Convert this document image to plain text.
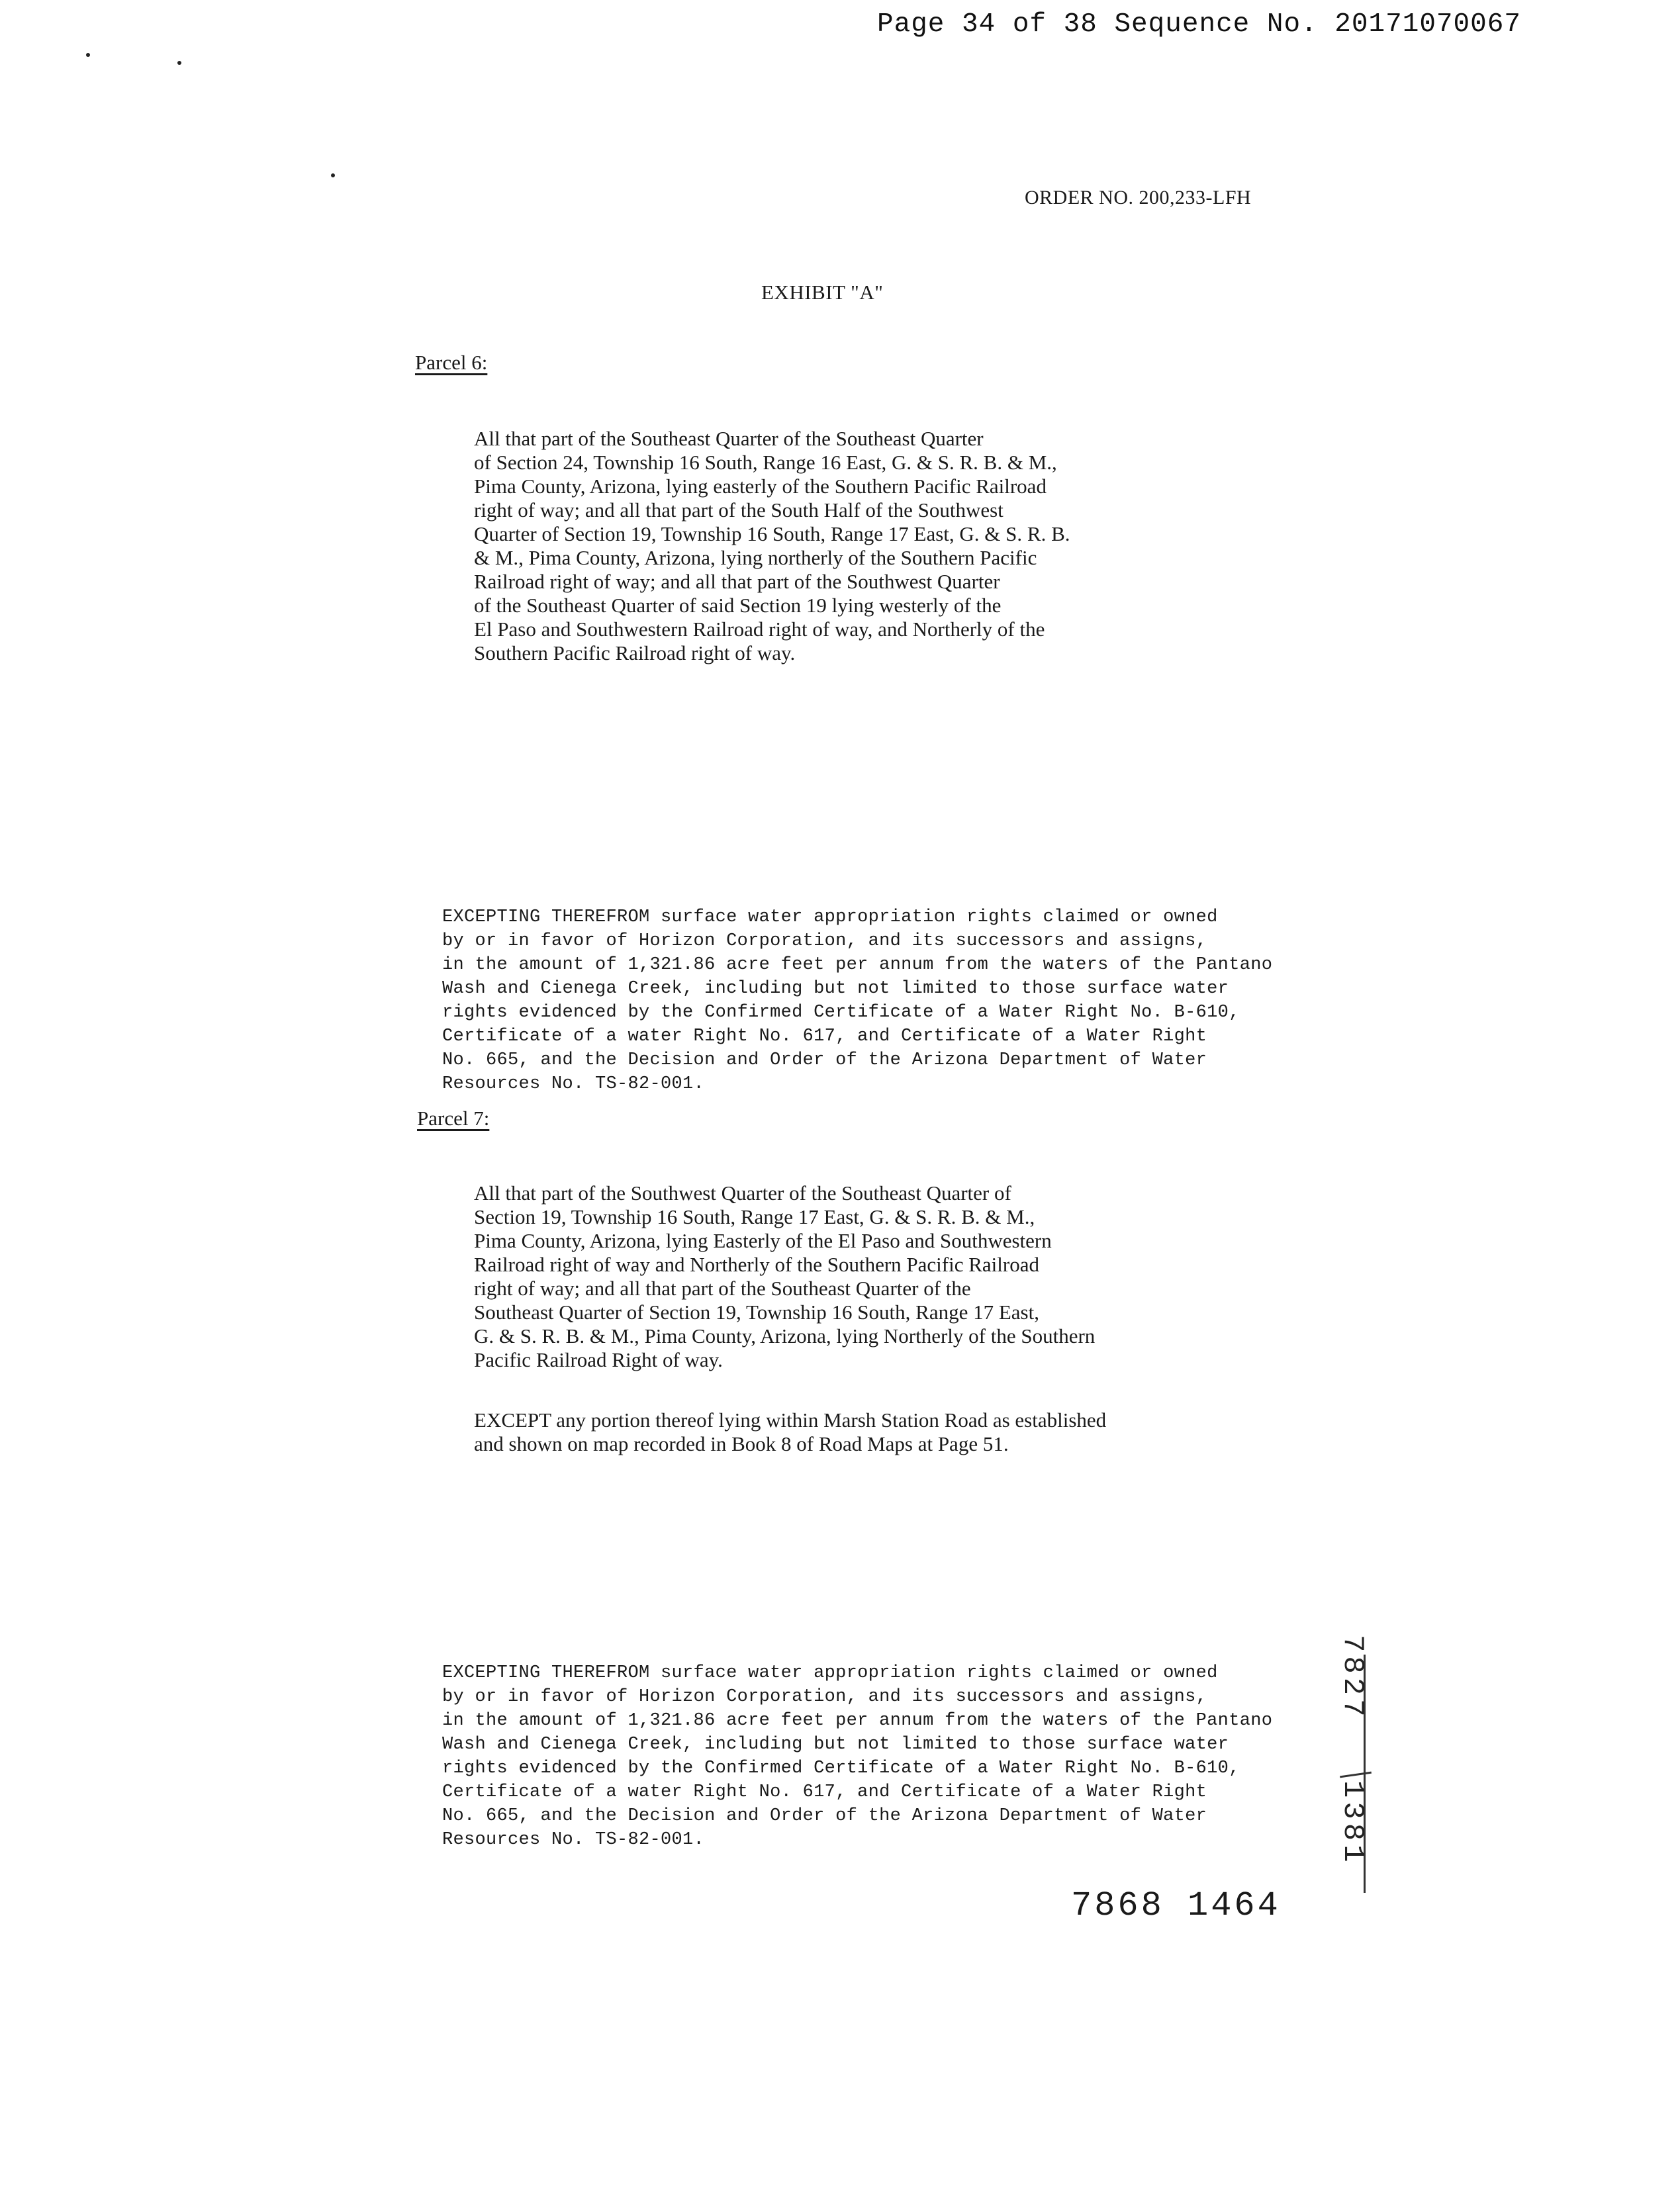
Page 34 of 38 Sequence No. 20171070067
ORDER NO. 200,233-LFH
EXHIBIT "A"
Parcel 6:
All that part of the Southeast Quarter of the Southeast Quarter
of Section 24, Township 16 South, Range 16 East, G. & S. R. B. & M.,
Pima County, Arizona, lying easterly of the Southern Pacific Railroad
right of way; and all that part of the South Half of the Southwest
Quarter of Section 19, Township 16 South, Range 17 East, G. & S. R. B.
& M., Pima County, Arizona, lying northerly of the Southern Pacific
Railroad right of way; and all that part of the Southwest Quarter
of the Southeast Quarter of said Section 19 lying westerly of the
El Paso and Southwestern Railroad right of way, and Northerly of the
Southern Pacific Railroad right of way.
EXCEPTING THEREFROM surface water appropriation rights claimed or owned
by or in favor of Horizon Corporation, and its successors and assigns,
in the amount of 1,321.86 acre feet per annum from the waters of the Pantano
Wash and Cienega Creek, including but not limited to those surface water
rights evidenced by the Confirmed Certificate of a Water Right No. B-610,
Certificate of a water Right No. 617, and Certificate of a Water Right
No. 665, and the Decision and Order of the Arizona Department of Water
Resources No. TS-82-001.
Parcel 7:
All that part of the Southwest Quarter of the Southeast Quarter of
Section 19, Township 16 South, Range 17 East, G. & S. R. B. & M.,
Pima County, Arizona, lying Easterly of the El Paso and Southwestern
Railroad right of way and Northerly of the Southern Pacific Railroad
right of way; and all that part of the Southeast Quarter of the
Southeast Quarter of Section 19, Township 16 South, Range 17 East,
G. & S. R. B. & M., Pima County, Arizona, lying Northerly of the Southern
Pacific Railroad Right of way.
EXCEPT any portion thereof lying within Marsh Station Road as established
and shown on map recorded in Book 8 of Road Maps at Page 51.
EXCEPTING THEREFROM surface water appropriation rights claimed or owned
by or in favor of Horizon Corporation, and its successors and assigns,
in the amount of 1,321.86 acre feet per annum from the waters of the Pantano
Wash and Cienega Creek, including but not limited to those surface water
rights evidenced by the Confirmed Certificate of a Water Right No. B-610,
Certificate of a water Right No. 617, and Certificate of a Water Right
No. 665, and the Decision and Order of the Arizona Department of Water
Resources No. TS-82-001.
7827
1381
7868 1464
